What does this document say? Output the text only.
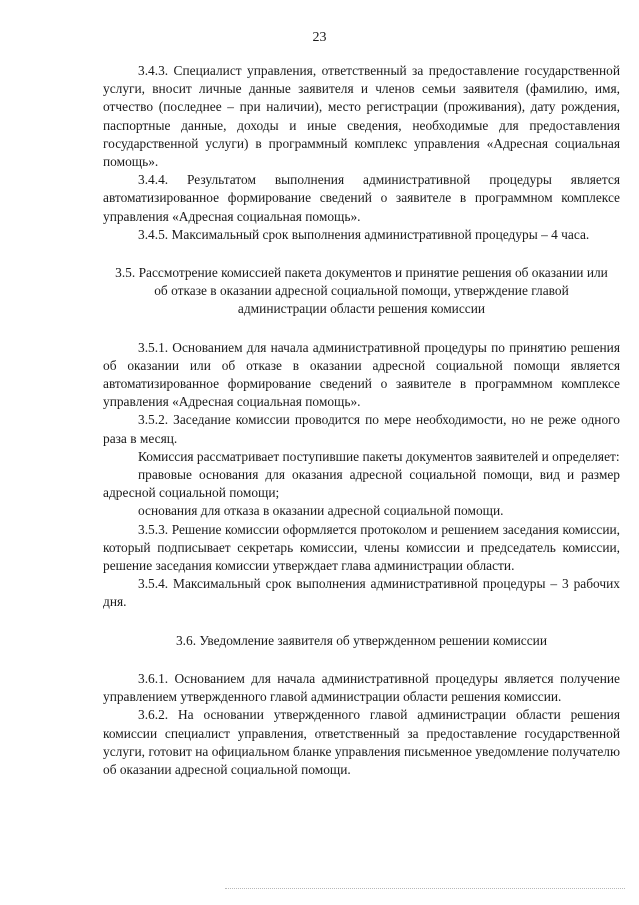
23

3.4.3. Специалист управления, ответственный за предоставление государственной услуги, вносит личные данные заявителя и членов семьи заявителя (фамилию, имя, отчество (последнее – при наличии), место регистрации (проживания), дату рождения, паспортные данные, доходы и иные сведения, необходимые для предоставления государственной услуги) в программный комплекс управления «Адресная социальная помощь».

3.4.4. Результатом выполнения административной процедуры является автоматизированное формирование сведений о заявителе в программном комплексе управления «Адресная социальная помощь».

3.4.5. Максимальный срок выполнения административной процедуры – 4 часа.

3.5. Рассмотрение комиссией пакета документов и принятие решения об оказании или об отказе в оказании адресной социальной помощи, утверждение главой администрации области решения комиссии

3.5.1. Основанием для начала административной процедуры по принятию решения об оказании или об отказе в оказании адресной социальной помощи является автоматизированное формирование сведений о заявителе в программном комплексе управления «Адресная социальная помощь».

3.5.2. Заседание комиссии проводится по мере необходимости, но не реже одного раза в месяц.

Комиссия рассматривает поступившие пакеты документов заявителей и определяет:

правовые основания для оказания адресной социальной помощи, вид и размер адресной социальной помощи;

основания для отказа в оказании адресной социальной помощи.

3.5.3. Решение комиссии оформляется протоколом и решением заседания комиссии, который подписывает секретарь комиссии, члены комиссии и председатель комиссии, решение заседания комиссии утверждает глава администрации области.

3.5.4. Максимальный срок выполнения административной процедуры – 3 рабочих дня.

3.6. Уведомление заявителя об утвержденном решении комиссии

3.6.1. Основанием для начала административной процедуры является получение управлением утвержденного главой администрации области решения комиссии.

3.6.2. На основании утвержденного главой администрации области решения комиссии специалист управления, ответственный за предоставление государственной услуги, готовит на официальном бланке управления письменное уведомление получателю об оказании адресной социальной помощи.
